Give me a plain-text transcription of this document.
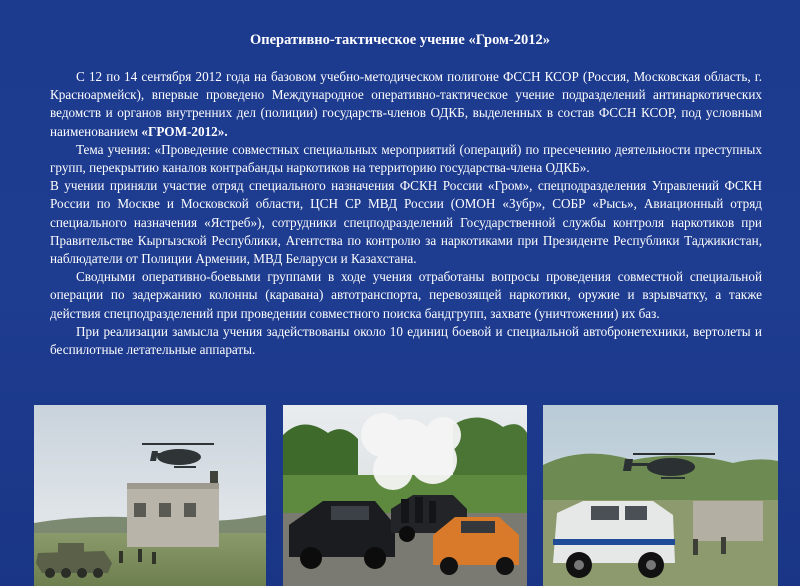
Оперативно-тактическое учение «Гром-2012»

С 12 по 14 сентября 2012 года на базовом учебно-методическом полигоне ФССН КСОР (Россия, Московская область, г. Красноармейск), впервые проведено Международное оперативно-тактическое учение подразделений антинаркотических ведомств и органов внутренних дел (полиции) государств-членов ОДКБ, выделенных в состав ФССН КСОР, под условным наименованием «ГРОМ-2012».

Тема учения: «Проведение совместных специальных мероприятий (операций) по пресечению деятельности преступных групп, перекрытию каналов контрабанды наркотиков на территорию государства-члена ОДКБ».

В учении приняли участие отряд специального назначения ФСКН России «Гром», спецподразделения Управлений ФСКН России по Москве и Московской области, ЦСН СР МВД России (ОМОН «Зубр», СОБР «Рысь», Авиационный отряд специального назначения «Ястреб»), сотрудники спецподразделений Государственной службы контроля наркотиков при Правительстве Кыргызской Республики, Агентства по контролю за наркотиками при Президенте Республики Таджикистан, наблюдатели от Полиции Армении, МВД Беларуси и Казахстана.

Сводными оперативно-боевыми группами в ходе учения отработаны вопросы проведения совместной специальной операции по задержанию колонны (каравана) автотранспорта, перевозящей наркотики, оружие и взрывчатку, а также действия спецподразделений при проведении совместного поиска бандгрупп, захвате (уничтожении) их баз.

При реализации замысла учения задействованы около 10 единиц боевой и специальной автобронетехники, вертолеты и беспилотные летательные аппараты.
